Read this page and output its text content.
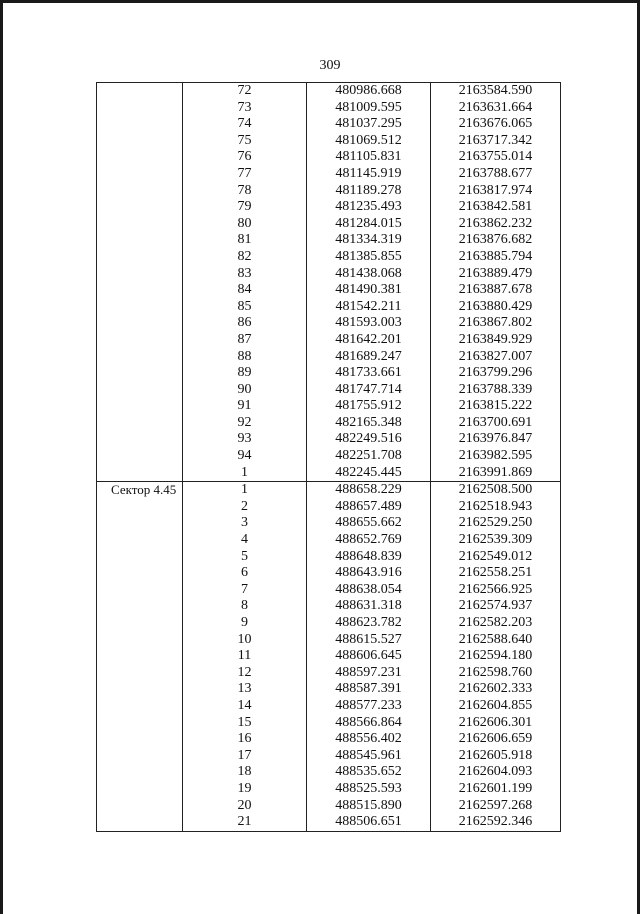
309
	72	480986.668	2163584.590
	73	481009.595	2163631.664
	74	481037.295	2163676.065
	75	481069.512	2163717.342
	76	481105.831	2163755.014
	77	481145.919	2163788.677
	78	481189.278	2163817.974
	79	481235.493	2163842.581
	80	481284.015	2163862.232
	81	481334.319	2163876.682
	82	481385.855	2163885.794
	83	481438.068	2163889.479
	84	481490.381	2163887.678
	85	481542.211	2163880.429
	86	481593.003	2163867.802
	87	481642.201	2163849.929
	88	481689.247	2163827.007
	89	481733.661	2163799.296
	90	481747.714	2163788.339
	91	481755.912	2163815.222
	92	482165.348	2163700.691
	93	482249.516	2163976.847
	94	482251.708	2163982.595
	1	482245.445	2163991.869
Сектор 4.45	1	488658.229	2162508.500
	2	488657.489	2162518.943
	3	488655.662	2162529.250
	4	488652.769	2162539.309
	5	488648.839	2162549.012
	6	488643.916	2162558.251
	7	488638.054	2162566.925
	8	488631.318	2162574.937
	9	488623.782	2162582.203
	10	488615.527	2162588.640
	11	488606.645	2162594.180
	12	488597.231	2162598.760
	13	488587.391	2162602.333
	14	488577.233	2162604.855
	15	488566.864	2162606.301
	16	488556.402	2162606.659
	17	488545.961	2162605.918
	18	488535.652	2162604.093
	19	488525.593	2162601.199
	20	488515.890	2162597.268
	21	488506.651	2162592.346
